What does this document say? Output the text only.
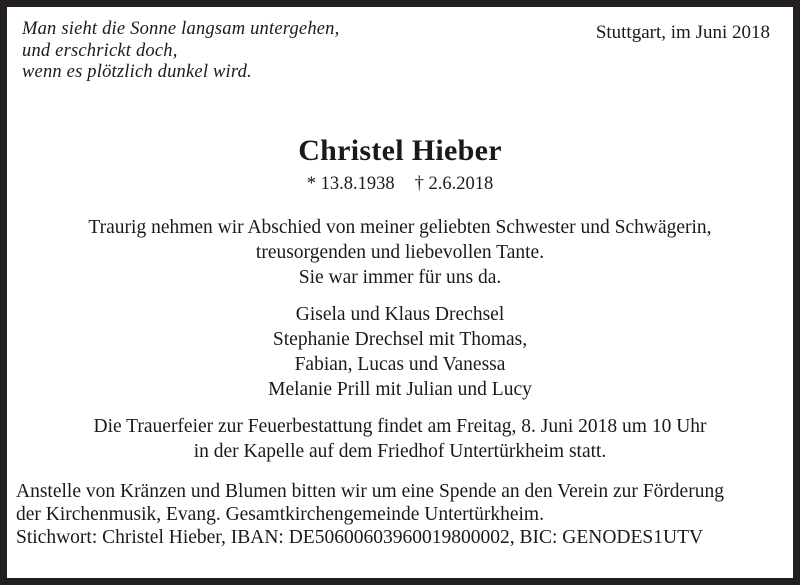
Man sieht die Sonne langsam untergehen,
und erschrickt doch,
wenn es plötzlich dunkel wird.
Stuttgart, im Juni 2018
Christel Hieber
* 13.8.1938 † 2.6.2018
Traurig nehmen wir Abschied von meiner geliebten Schwester und Schwägerin,
treusorgenden und liebevollen Tante.
Sie war immer für uns da.
Gisela und Klaus Drechsel
Stephanie Drechsel mit Thomas,
Fabian, Lucas und Vanessa
Melanie Prill mit Julian und Lucy
Die Trauerfeier zur Feuerbestattung findet am Freitag, 8. Juni 2018 um 10 Uhr
in der Kapelle auf dem Friedhof Untertürkheim statt.
Anstelle von Kränzen und Blumen bitten wir um eine Spende an den Verein zur Förderung
der Kirchenmusik, Evang. Gesamtkirchengemeinde Untertürkheim.
Stichwort: Christel Hieber, IBAN: DE50600603960019800002, BIC: GENODES1UTV
